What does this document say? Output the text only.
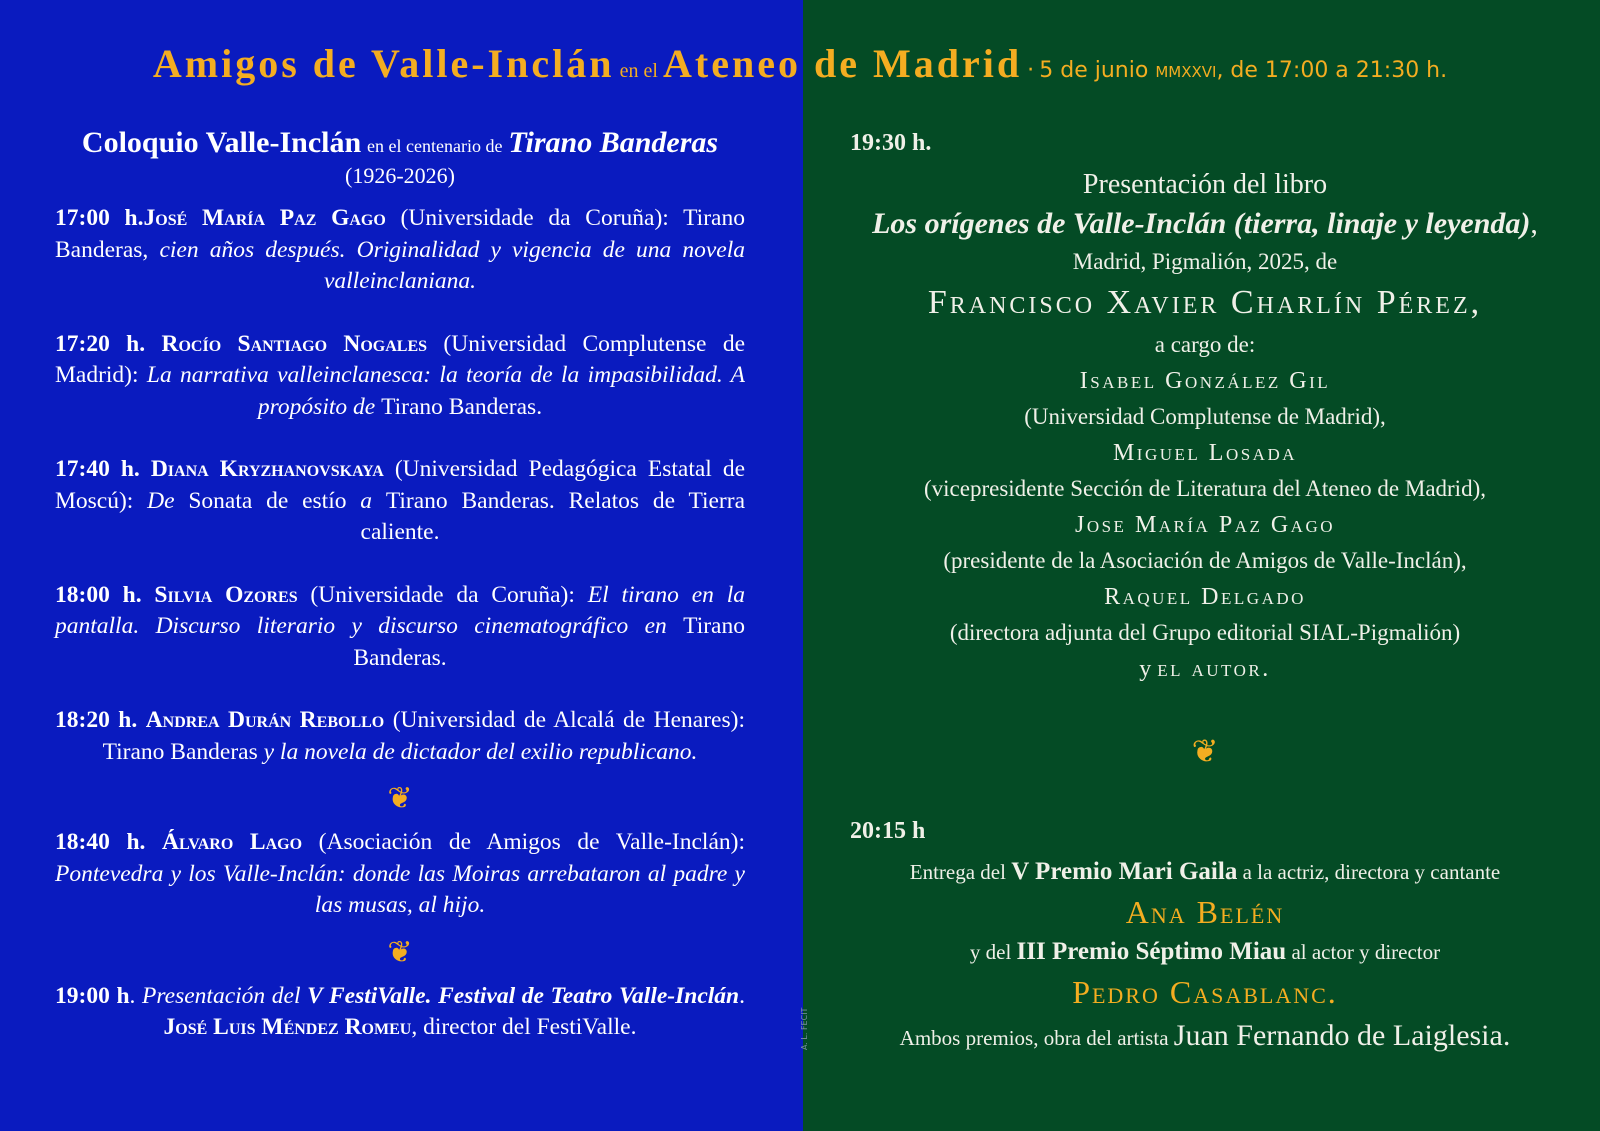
Amigos de Valle-Inclán en el Ateneo de Madrid · 5 de junio MMXXVI, de 17:00 a 21:30 h.
Coloquio Valle-Inclán en el centenario de Tirano Banderas
(1926-2026)
17:00 h.José María Paz Gago (Universidade da Coruña): Tirano Banderas, cien años después. Originalidad y vigencia de una novela valleinclaniana.
17:20 h. Rocío Santiago Nogales (Universidad Complutense de Madrid): La narrativa valleinclanesca: la teoría de la impasibilidad. A propósito de Tirano Banderas.
17:40 h. Diana Kryzhanovskaya (Universidad Pedagógica Estatal de Moscú): De Sonata de estío a Tirano Banderas. Relatos de Tierra caliente.
18:00 h. Silvia Ozores (Universidade da Coruña): El tirano en la pantalla. Discurso literario y discurso cinematográfico en Tirano Banderas.
18:20 h. Andrea Durán Rebollo (Universidad de Alcalá de Henares): Tirano Banderas y la novela de dictador del exilio republicano.
❦
18:40 h. Álvaro Lago (Asociación de Amigos de Valle-Inclán): Pontevedra y los Valle-Inclán: donde las Moiras arrebataron al padre y las musas, al hijo.
❦
19:00 h. Presentación del V FestiValle. Festival de Teatro Valle-Inclán. José Luis Méndez Romeu, director del FestiValle.
19:30 h.
Presentación del libro
Los orígenes de Valle-Inclán (tierra, linaje y leyenda),
Madrid, Pigmalión, 2025, de
Francisco Xavier Charlín Pérez,
a cargo de:
Isabel González Gil
(Universidad Complutense de Madrid),
Miguel Losada
(vicepresidente Sección de Literatura del Ateneo de Madrid),
Jose María Paz Gago
(presidente de la Asociación de Amigos de Valle-Inclán),
Raquel Delgado
(directora adjunta del Grupo editorial SIAL-Pigmalión)
y el autor.
❦
20:15 h
Entrega del V Premio Mari Gaila a la actriz, directora y cantante
Ana Belén
y del III Premio Séptimo Miau al actor y director
Pedro Casablanc.
Ambos premios, obra del artista Juan Fernando de Laiglesia.
A. L. FECIT
